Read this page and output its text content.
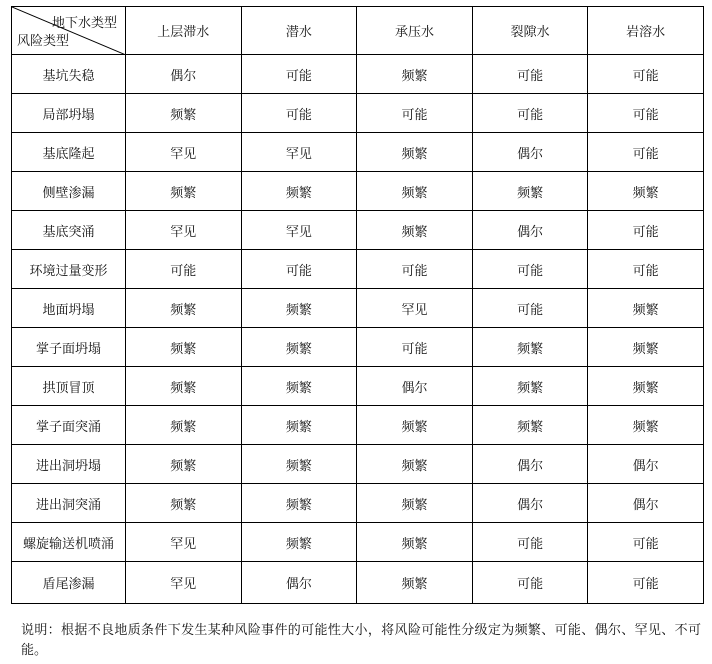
地下水类型
风险类型	上层滞水	潜水	承压水	裂隙水	岩溶水
基坑失稳	偶尔	可能	频繁	可能	可能
局部坍塌	频繁	可能	可能	可能	可能
基底隆起	罕见	罕见	频繁	偶尔	可能
侧壁渗漏	频繁	频繁	频繁	频繁	频繁
基底突涌	罕见	罕见	频繁	偶尔	可能
环境过量变形	可能	可能	可能	可能	可能
地面坍塌	频繁	频繁	罕见	可能	频繁
掌子面坍塌	频繁	频繁	可能	频繁	频繁
拱顶冒顶	频繁	频繁	偶尔	频繁	频繁
掌子面突涌	频繁	频繁	频繁	频繁	频繁
进出洞坍塌	频繁	频繁	频繁	偶尔	偶尔
进出洞突涌	频繁	频繁	频繁	偶尔	偶尔
螺旋输送机喷涌	罕见	频繁	频繁	可能	可能
盾尾渗漏	罕见	偶尔	频繁	可能	可能
说明：根据不良地质条件下发生某种风险事件的可能性大小，将风险可能性分级定为频繁、可能、偶尔、罕见、不可能。
